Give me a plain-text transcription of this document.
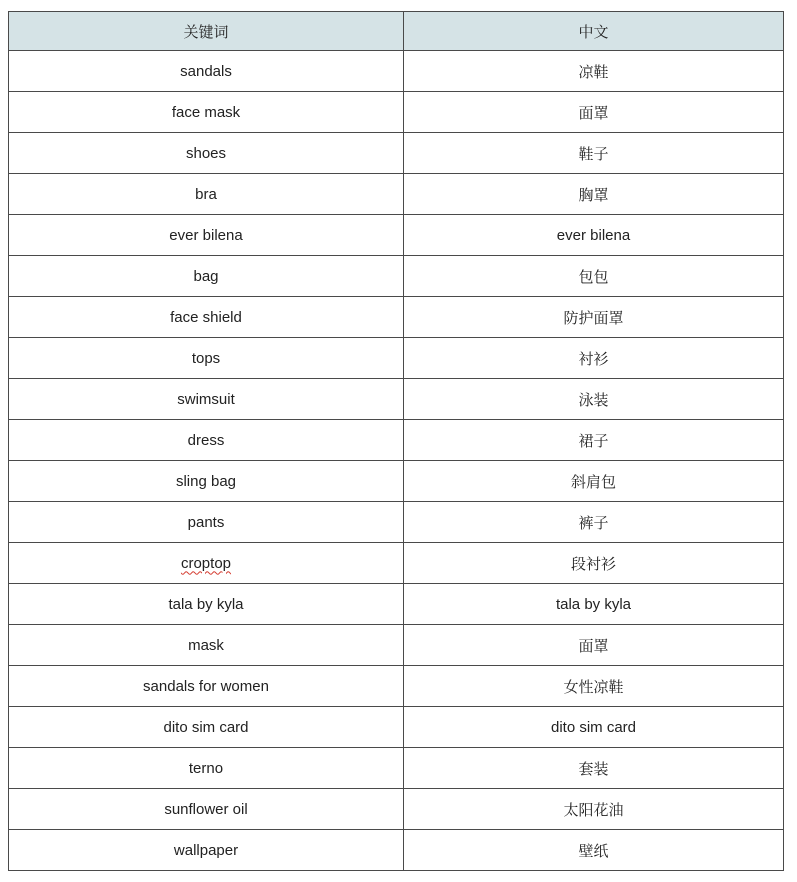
关键词	中文
sandals	凉鞋
face mask	面罩
shoes	鞋子
bra	胸罩
ever bilena	ever bilena
bag	包包
face shield	防护面罩
tops	衬衫
swimsuit	泳装
dress	裙子
sling bag	斜肩包
pants	裤子
croptop	段衬衫
tala by kyla	tala by kyla
mask	面罩
sandals for women	女性凉鞋
dito sim card	dito sim card
terno	套装
sunflower oil	太阳花油
wallpaper	壁纸
